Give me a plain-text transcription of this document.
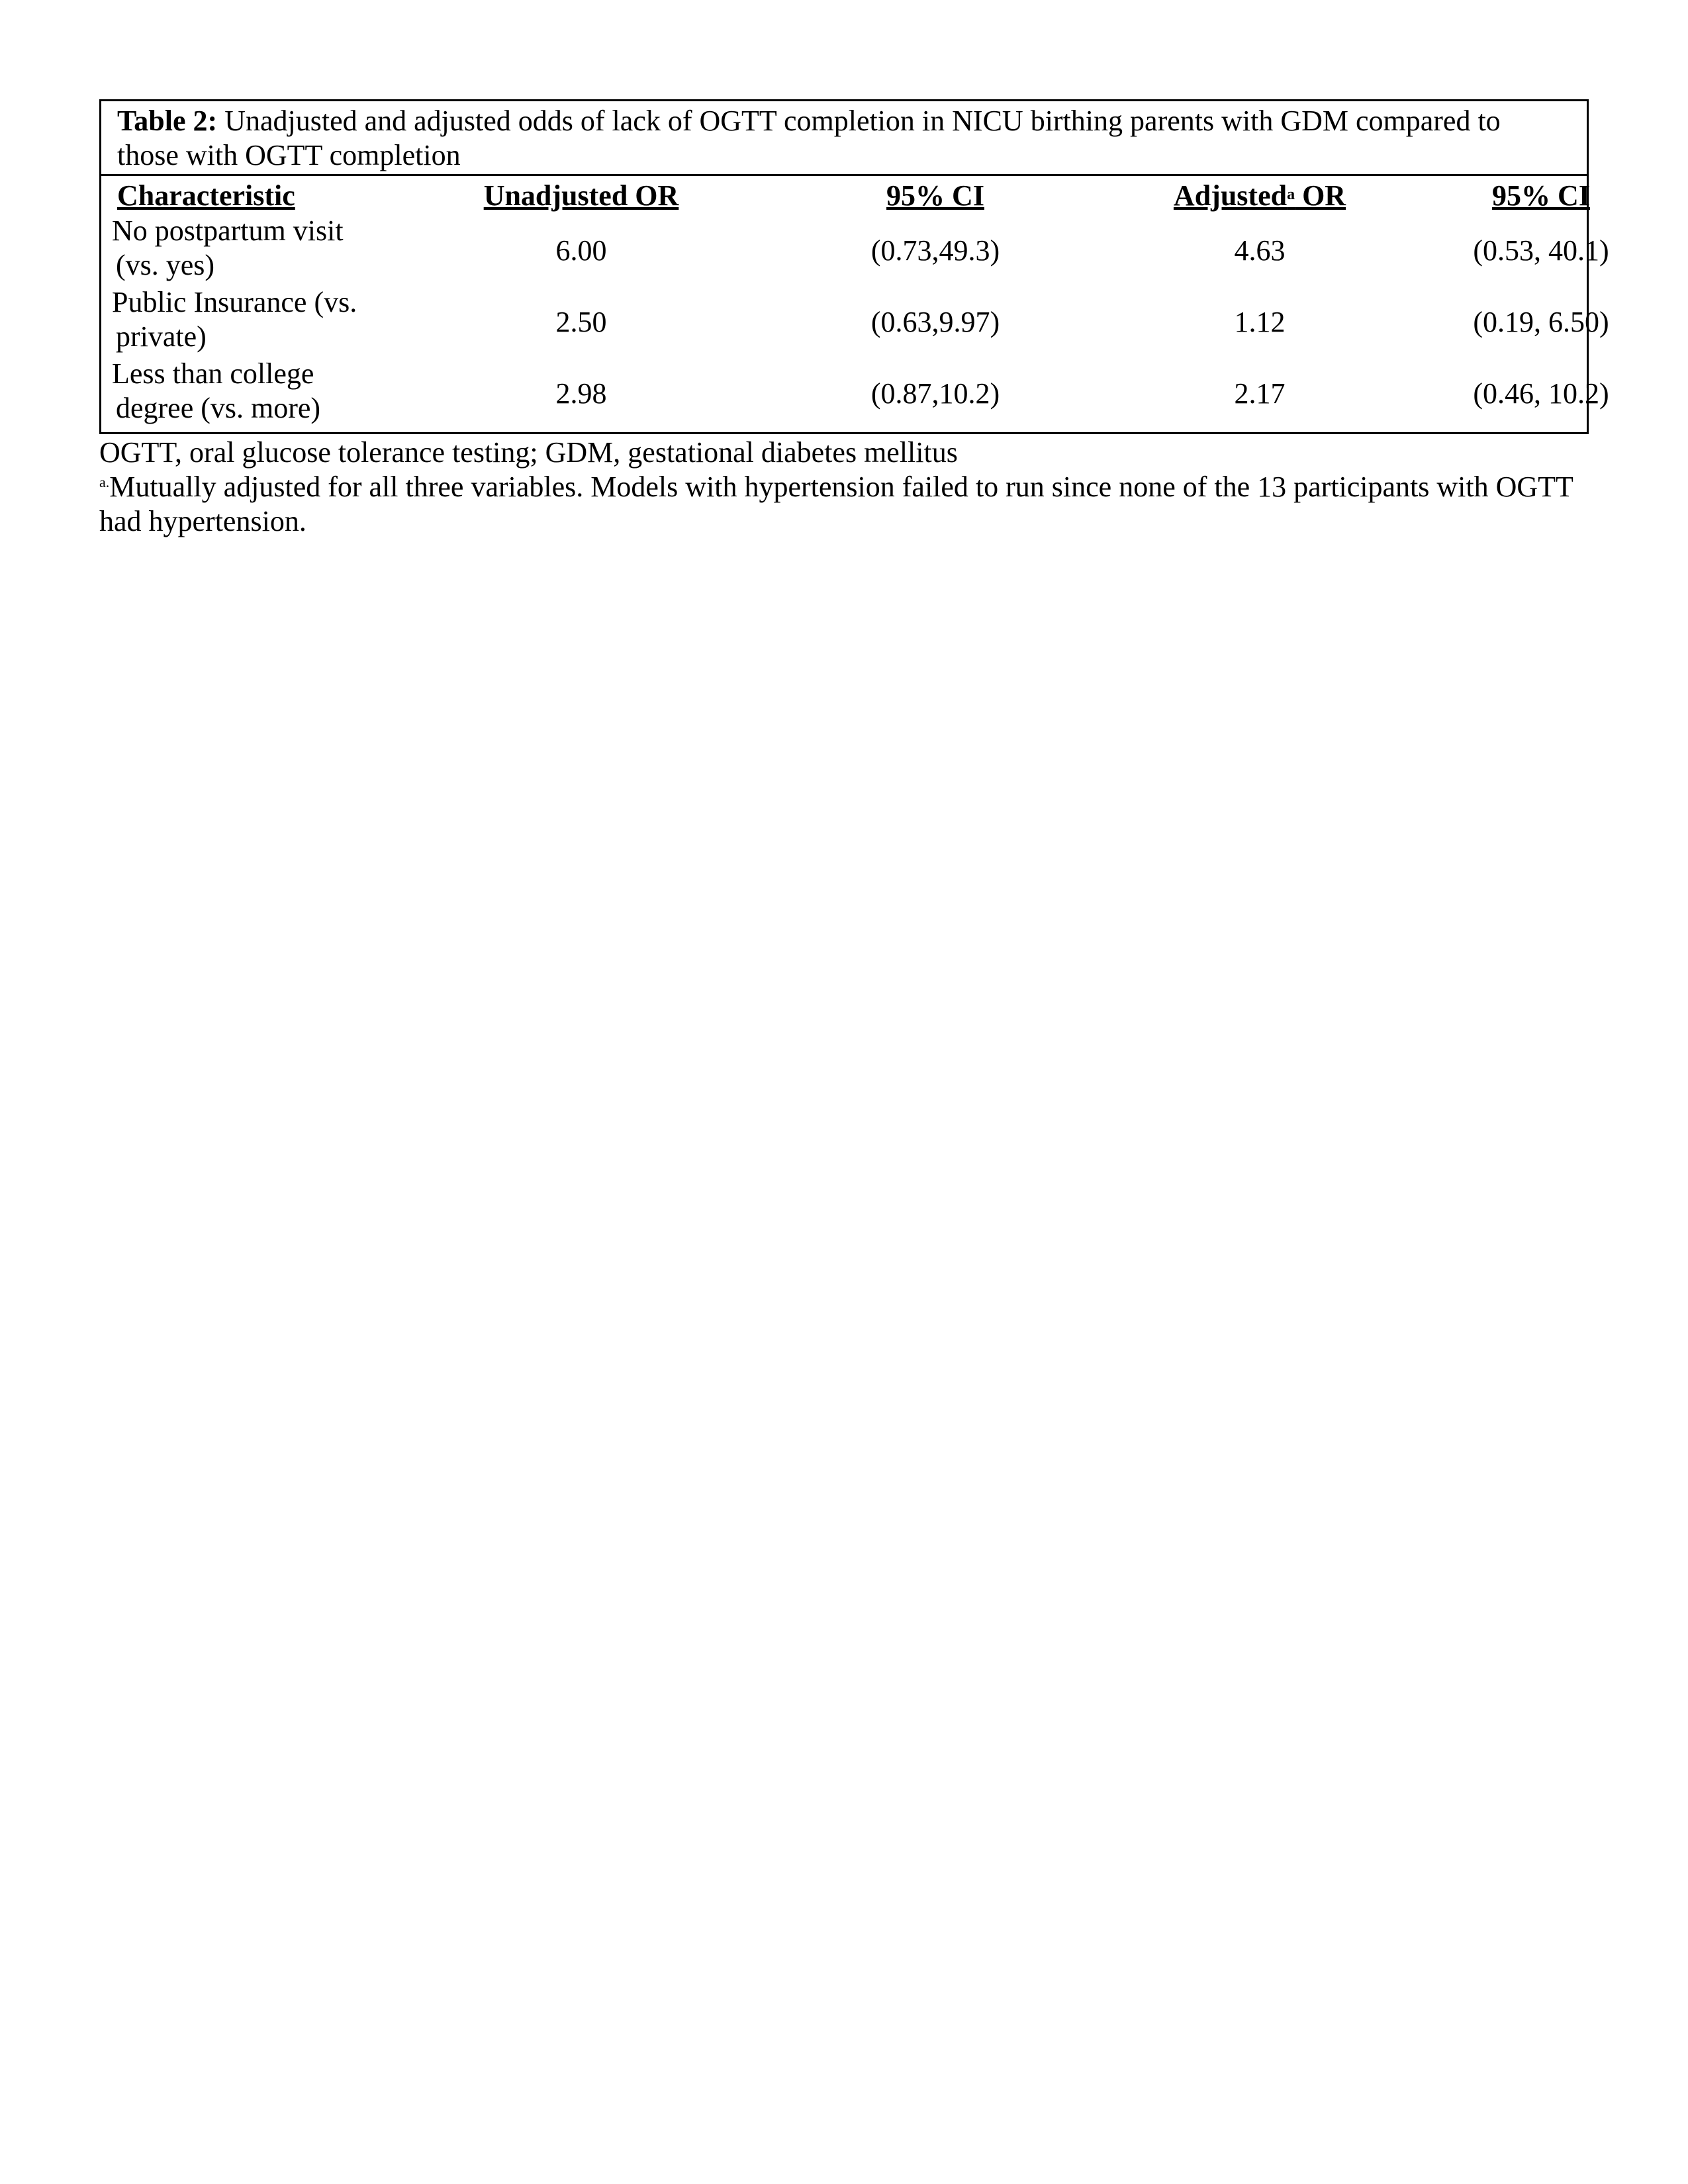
Table 2: Unadjusted and adjusted odds of lack of OGTT completion in NICU birthing parents with GDM compared to those with OGTT completion
Characteristic	Unadjusted OR	95% CI	Adjusted$^a$ OR	95% CI
No postpartum visit
(vs. yes)	6.00	(0.73,49.3)	4.63	(0.53, 40.1)
Public Insurance (vs.
private)	2.50	(0.63,9.97)	1.12	(0.19, 6.50)
Less than college
degree (vs. more)	2.98	(0.87,10.2)	2.17	(0.46, 10.2)

OGTT, oral glucose tolerance testing; GDM, gestational diabetes mellitus

$^{a.}$Mutually adjusted for all three variables. Models with hypertension failed to run since none of the 13 participants with OGTT had hypertension.
